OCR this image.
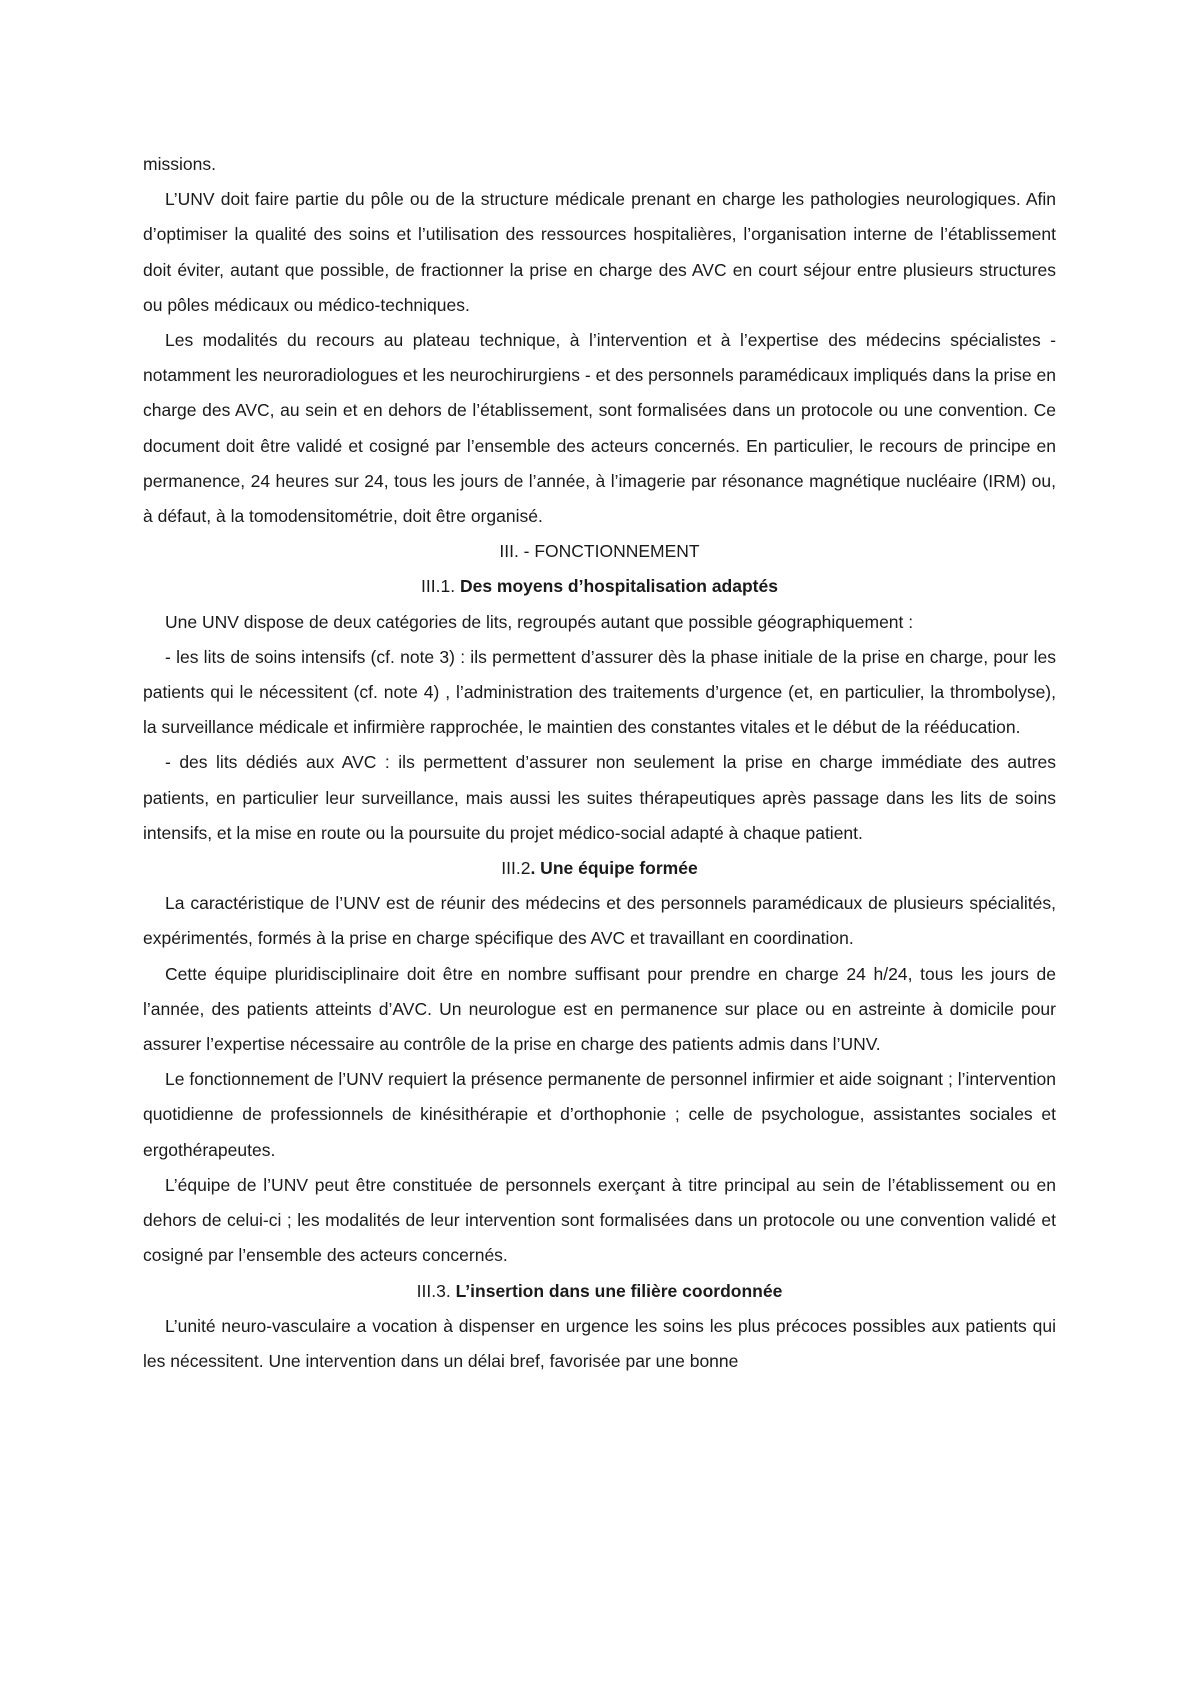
missions.

L’UNV doit faire partie du pôle ou de la structure médicale prenant en charge les pathologies neurologiques. Afin d’optimiser la qualité des soins et l’utilisation des ressources hospitalières, l’organisation interne de l’établissement doit éviter, autant que possible, de fractionner la prise en charge des AVC en court séjour entre plusieurs structures ou pôles médicaux ou médico-techniques.

Les modalités du recours au plateau technique, à l’intervention et à l’expertise des médecins spécialistes - notamment les neuroradiologues et les neurochirurgiens - et des personnels paramédicaux impliqués dans la prise en charge des AVC, au sein et en dehors de l’établissement, sont formalisées dans un protocole ou une convention. Ce document doit être validé et cosigné par l’ensemble des acteurs concernés. En particulier, le recours de principe en permanence, 24 heures sur 24, tous les jours de l’année, à l’imagerie par résonance magnétique nucléaire (IRM) ou, à défaut, à la tomodensitométrie, doit être organisé.

III. - FONCTIONNEMENT

III.1. Des moyens d’hospitalisation adaptés

Une UNV dispose de deux catégories de lits, regroupés autant que possible géographiquement :

- les lits de soins intensifs (cf. note 3) : ils permettent d’assurer dès la phase initiale de la prise en charge, pour les patients qui le nécessitent (cf. note 4) , l’administration des traitements d’urgence (et, en particulier, la thrombolyse), la surveillance médicale et infirmière rapprochée, le maintien des constantes vitales et le début de la rééducation.

- des lits dédiés aux AVC : ils permettent d’assurer non seulement la prise en charge immédiate des autres patients, en particulier leur surveillance, mais aussi les suites thérapeutiques après passage dans les lits de soins intensifs, et la mise en route ou la poursuite du projet médico-social adapté à chaque patient.

III.2. Une équipe formée

La caractéristique de l’UNV est de réunir des médecins et des personnels paramédicaux de plusieurs spécialités, expérimentés, formés à la prise en charge spécifique des AVC et travaillant en coordination.

Cette équipe pluridisciplinaire doit être en nombre suffisant pour prendre en charge 24 h/24, tous les jours de l’année, des patients atteints d’AVC. Un neurologue est en permanence sur place ou en astreinte à domicile pour assurer l’expertise nécessaire au contrôle de la prise en charge des patients admis dans l’UNV.

Le fonctionnement de l’UNV requiert la présence permanente de personnel infirmier et aide soignant ; l’intervention quotidienne de professionnels de kinésithérapie et d’orthophonie ; celle de psychologue, assistantes sociales et ergothérapeutes.

L’équipe de l’UNV peut être constituée de personnels exerçant à titre principal au sein de l’établissement ou en dehors de celui-ci ; les modalités de leur intervention sont formalisées dans un protocole ou une convention validé et cosigné par l’ensemble des acteurs concernés.

III.3. L’insertion dans une filière coordonnée

L’unité neuro-vasculaire a vocation à dispenser en urgence les soins les plus précoces possibles aux patients qui les nécessitent. Une intervention dans un délai bref, favorisée par une bonne
